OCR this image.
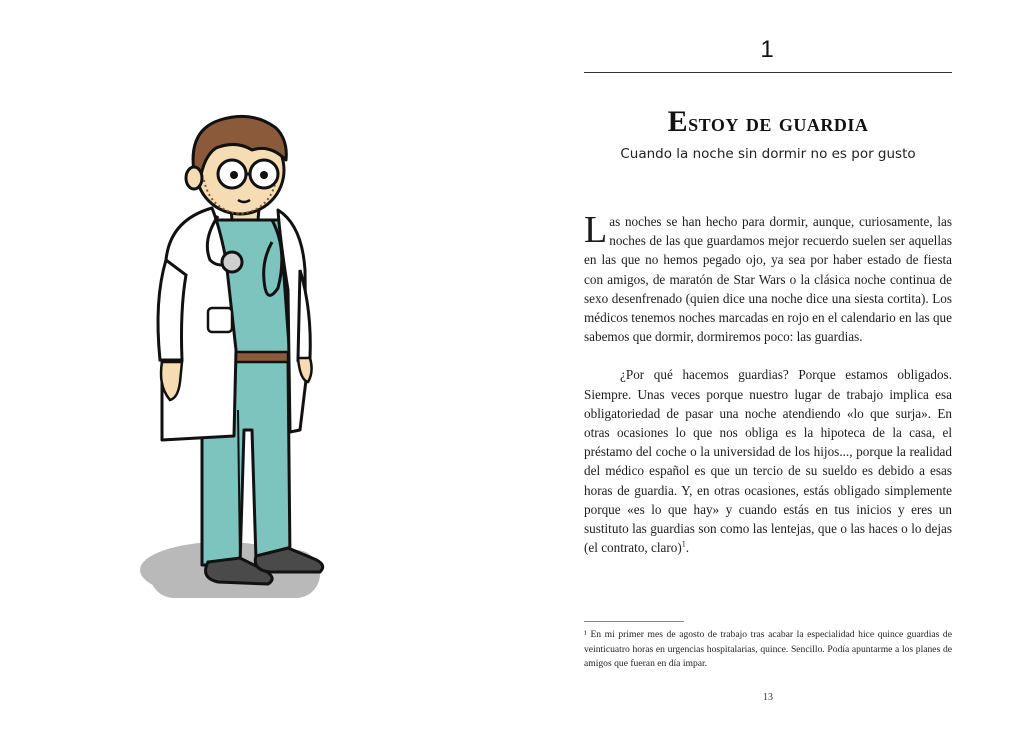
1
Estoy de guardia
Cuando la noche sin dormir no es por gusto

Las noches se han hecho para dormir, aunque, curiosamente, las noches de las que guardamos mejor recuerdo suelen ser aquellas en las que no hemos pegado ojo, ya sea por haber estado de fiesta con amigos, de maratón de Star Wars o la clásica noche continua de sexo desenfrenado (quien dice una noche dice una siesta cortita). Los médicos tenemos noches marcadas en rojo en el calendario en las que sabemos que dormir, dormiremos poco: las guardias.

¿Por qué hacemos guardias? Porque estamos obligados. Siempre. Unas veces porque nuestro lugar de trabajo implica esa obligatoriedad de pasar una noche atendiendo «lo que surja». En otras ocasiones lo que nos obliga es la hipoteca de la casa, el préstamo del coche o la universidad de los hijos..., porque la realidad del médico español es que un tercio de su sueldo es debido a esas horas de guardia. Y, en otras ocasiones, estás obligado simplemente porque «es lo que hay» y cuando estás en tus inicios y eres un sustituto las guardias son como las lentejas, que o las haces o lo dejas (el contrato, claro)$^1$.

¹ En mi primer mes de agosto de trabajo tras acabar la especialidad hice quince guardias de veinticuatro horas en urgencias hospitalarias, quince. Sencillo. Podía apuntarme a los planes de amigos que fueran en día impar.
13
